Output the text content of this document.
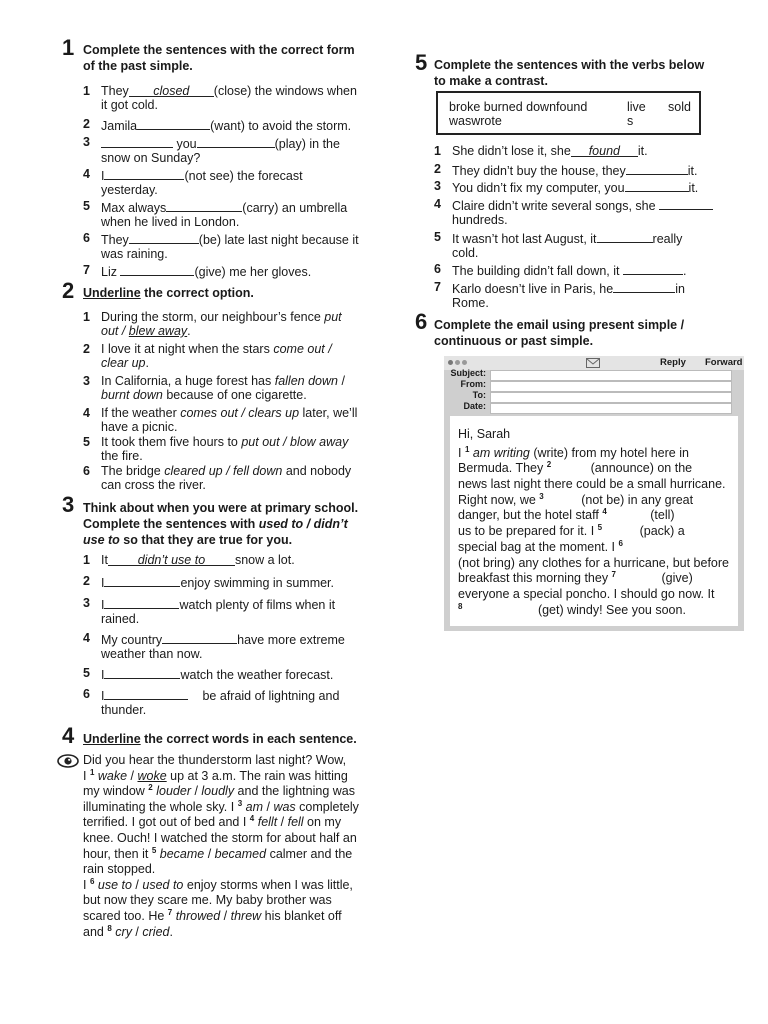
1 Complete the sentences with the correct form
of the past simple.
1 They closed (close) the windows when
it got cold.
2 Jamila	(want) to avoid the storm.
3	you	(play) in the
snow on Sunday?
4 I	(not see) the forecast
yesterday.
5 Max always	(carry) an umbrella
when he lived in London.
6 They	(be) late last night because it
was raining.
7 Liz	(give) me her gloves.
2 Underline the correct option.
1 During the storm, our neighbour’s fence put
out / blew away.
2 I love it at night when the stars come out /
clear up.
3 In California, a huge forest has fallen down /
burnt down because of one cigarette.
4 If the weather comes out / clears up later, we’ll
have a picnic.
5 It took them five hours to put out / blow away
the fire.
6 The bridge cleared up / fell down and nobody
can cross the river.
3 Think about when you were at primary school.
Complete the sentences with used to / didn’t
use to so that they are true for you.
1 It didn’t use to snow a lot.
2 I	enjoy swimming in summer.
3 I	watch plenty of films when it
rained.
4 My country	have more extreme
weather than now.
5 I	watch the weather forecast.
6 I	be afraid of lightning and
thunder.
4 Underline the correct words in each sentence.
Did you hear the thunderstorm last night? Wow,
I $^1$ wake / woke up at 3 a.m. The rain was hitting
my window $^2$ louder / loudly and the lightning was
illuminating the whole sky. I $^3$ am / was completely
terrified. I got out of bed and I $^4$ fellt / fell on my
knee. Ouch! I watched the storm for about half an
hour, then it $^5$ became / becamed calmer and the
rain stopped.
I $^6$ use to / used to enjoy storms when I was little,
but now they scare me. My baby brother was
scared too. He $^7$ throwed / threw his blanket off
and $^8$ cry / cried.
5 Complete the sentences with the verbs below
to make a contrast.
broke burned downfound	live sold
waswrote	s
1 She didn’t lose it, she found it.
2 They didn’t buy the house, they	it.
3 You didn’t fix my computer, you	it.
4 Claire didn’t write several songs, she
hundreds.
5 It wasn’t hot last August, it	really
cold.
6 The building didn’t fall down, it	.
7 Karlo doesn’t live in Paris, he	in
Rome.
6 Complete the email using present simple /
continuous or past simple.
Reply Forward
Subject:
From:
To:
Date:
Hi, Sarah
I $^1$ am writing (write) from my hotel here in
Bermuda. They $^2$	(announce) on the
news last night there could be a small hurricane.
Right now, we $^3$	(not be) in any great
danger, but the hotel staff $^4$	(tell)
us to be prepared for it. I $^5$	(pack) a
special bag at the moment. I $^6$
(not bring) any clothes for a hurricane, but before
breakfast this morning they $^7$	(give)
everyone a special poncho. I should go now. It
$^8$	(get) windy! See you soon.
